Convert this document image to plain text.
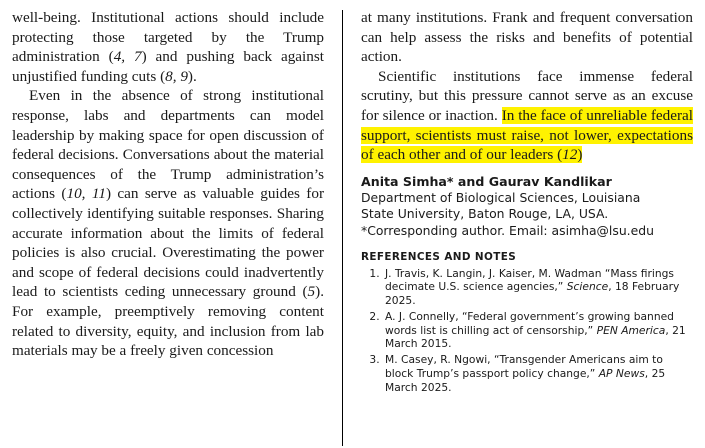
well-being. Institutional actions should include protecting those targeted by the Trump administration (4, 7) and pushing back against unjustified funding cuts (8, 9).

Even in the absence of strong institutional response, labs and departments can model leadership by making space for open discussion of federal decisions. Conversations about the material consequences of the Trump administration’s actions (10, 11) can serve as valuable guides for collectively identifying suitable responses. Sharing accurate information about the limits of federal policies is also crucial. Overestimating the power and scope of federal decisions could inadvertently lead to scientists ceding unnecessary ground (5). For example, preemptively removing content related to diversity, equity, and inclusion from lab materials may be a freely given concession

at many institutions. Frank and frequent conversation can help assess the risks and benefits of potential action.

Scientific institutions face immense federal scrutiny, but this pressure cannot serve as an excuse for silence or inaction. In the face of unreliable federal support, scientists must raise, not lower, expectations of each other and of our leaders (12)

Anita Simha* and Gaurav Kandlikar

Department of Biological Sciences, Louisiana
State University, Baton Rouge, LA, USA.
*Corresponding author. Email: asimha@lsu.edu

REFERENCES AND NOTES
1. J. Travis, K. Langin, J. Kaiser, M. Wadman “Mass firings decimate U.S. science agencies,” Science, 18 February 2025.
2. A. J. Connelly, “Federal government’s growing banned words list is chilling act of censorship,” PEN America, 21 March 2015.
3. M. Casey, R. Ngowi, “Transgender Americans aim to block Trump’s passport policy change,” AP News, 25 March 2025.
